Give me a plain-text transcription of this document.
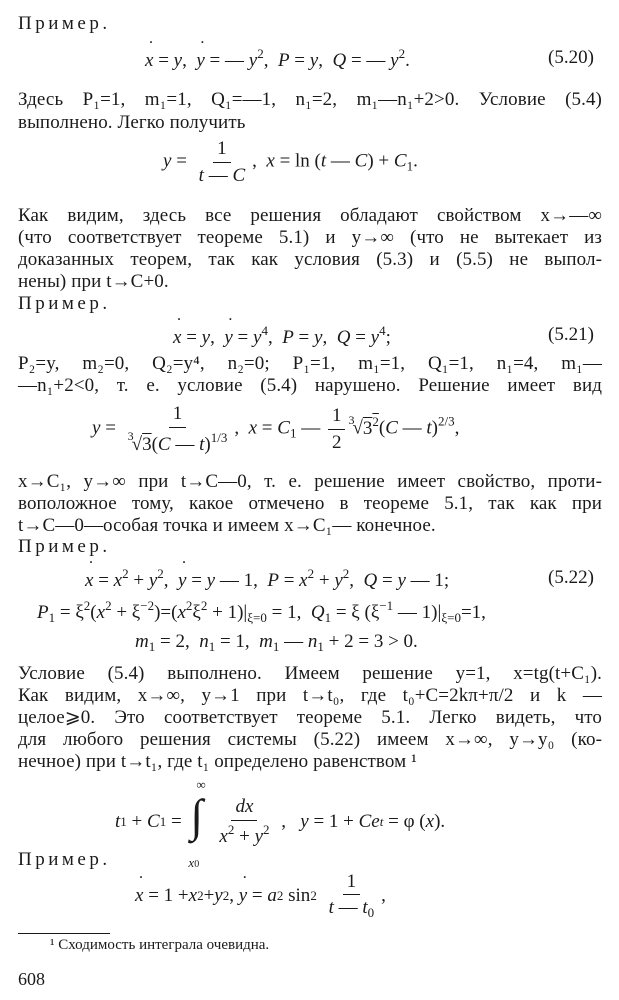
Пример.
˙ x = y,  ˙ y = — $y^2$,  P = y,  Q = — $y^2$.	(5.20)
Здесь P₁=1, m₁=1, Q₁=—1, n₁=2, m₁—n₁+2>0. Условие (5.4)
выполнено. Легко получить
$y = \frac{1}{t — C}$ ,  x = ln (t — $C) + C_1$.
Как видим, здесь все решения обладают свойством x→—∞
(что соответствует теореме 5.1) и y→∞ (что не вытекает из
доказанных теорем, так как условия (5.3) и (5.5) не выпол-
нены) при t→C+0.
Пример.
˙ x = y,  ˙ $y = y^4$,  P = y,  $Q = y^4$;	(5.21)
P₂=y, m₂=0, Q₂=y⁴, n₂=0; P₁=1, m₁=1, Q₁=1, n₁=4, m₁—
—n₁+2<0, т. е. условие (5.4) нарушено. Решение имеет вид
$y = \frac{1}{^3√3(C — t)^{1/3}}$ ,  $x = C_1$ — $\frac{1}{2} ^3√3^2(C$ — t)$^{2/3}$,
x→C₁, y→∞ при t→C—0, т. е. решение имеет свойство, проти-
воположное тому, какое отмечено в теореме 5.1, так как при
t→C—0—особая точка и имеем x→C₁— конечное.
Пример.
˙ $x = x^2 + y^2$,  ˙ y = y — 1,  $P = x^2 + y^2$,  Q = y — 1;	(5.22)
$P_1 = \xi^2(x^2 + \xi^{-2})=(x^2\xi^2 + 1)|_{\xi=0} = 1$,  $Q_1 = \xi$ ($\xi^{-1}$ — $1)|_{\xi=0}=1$,
$m_1 = 2$,  $n_1 = 1$,  $m_1$ — $n_1 + 2 = 3 > 0$.
Условие (5.4) выполнено. Имеем решение y=1, x=tg(t+C₁).
Как видим, x→∞, y→1 при t→t₀, где t₀+C=2kπ+π/2 и k —
целое⩾0. Это соответствует теореме 5.1. Легко видеть, что
для любого решения системы (5.22) имеем x→∞, y→y₀ (ко-
нечное) при t→t₁, где t₁ определено равенством ¹
t 1 + C 1 =
∞
∫
x0
$\frac{dx}{x^2 + y^2}$ , y = 1 + Ce t = φ ( x ).
Пример.
˙ x = 1 + x 2 + y 2 , ˙ y = a 2 sin 2
$\frac{1}{t — t_0}$ ,
¹ Сходимость интеграла очевидна.
608
